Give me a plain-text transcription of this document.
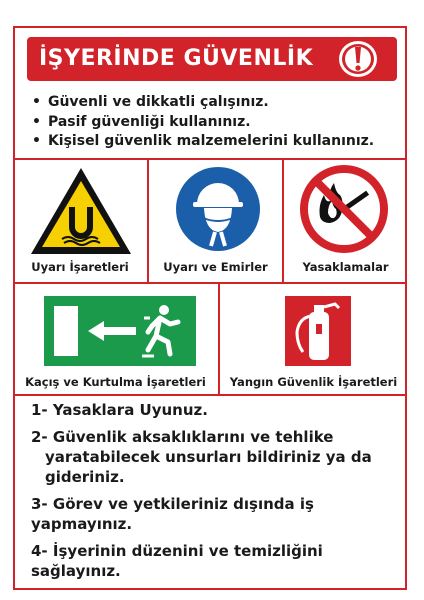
İŞYERİNDE GÜVENLİK
• Güvenli ve dikkatli çalışınız.
• Pasif güvenliği kullanınız.
• Kişisel güvenlik malzemelerini kullanınız.
Uyarı İşaretleri	Uyarı ve Emirler	Yasaklamalar
Kaçış ve Kurtulma İşaretleri	Yangın Güvenlik İşaretleri
1- Yasaklara Uyunuz.
2- Güvenlik aksaklıklarını ve tehlike
yaratabilecek unsurları bildiriniz ya da
gideriniz.
3- Görev ve yetkileriniz dışında iş yapmayınız.
4- İşyerinin düzenini ve temizliğini sağlayınız.
